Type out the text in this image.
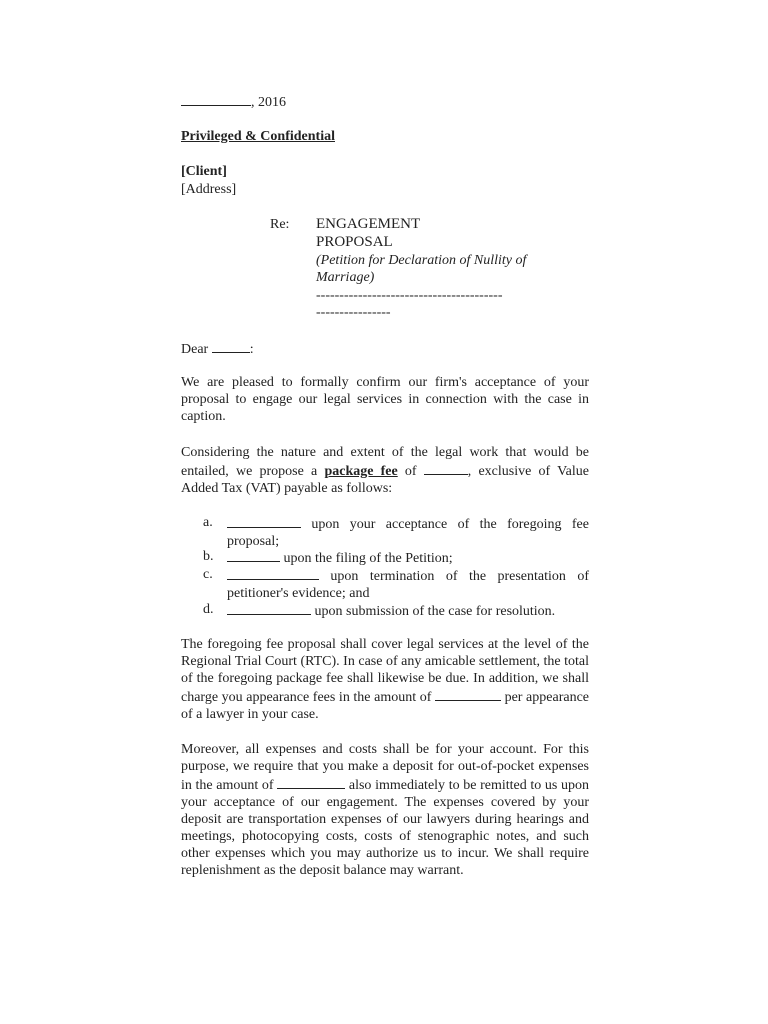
, 2016
Privileged & Confidential
[Client]
[Address]
Re: ENGAGEMENT
PROPOSAL
(Petition for Declaration of Nullity of
Marriage)
----------------------------------------
----------------
Dear	:
We are pleased to formally confirm our firm's acceptance of your proposal to engage our legal services in connection with the case in caption.
Considering the nature and extent of the legal work that would be entailed, we propose a package fee of	, exclusive of Value Added Tax (VAT) payable as follows:
a.	upon your acceptance of the foregoing fee proposal;
b.	upon the filing of the Petition;
c.	upon termination of the presentation of petitioner's evidence; and
d.	upon submission of the case for resolution.
The foregoing fee proposal shall cover legal services at the level of the Regional Trial Court (RTC). In case of any amicable settlement, the total of the foregoing package fee shall likewise be due. In addition, we shall charge you appearance fees in the amount of	per appearance of a lawyer in your case.
Moreover, all expenses and costs shall be for your account. For this purpose, we require that you make a deposit for out-of-pocket expenses in the amount of	also immediately to be remitted to us upon your acceptance of our engagement. The expenses covered by your deposit are transportation expenses of our lawyers during hearings and meetings, photocopying costs, costs of stenographic notes, and such other expenses which you may authorize us to incur. We shall require replenishment as the deposit balance may warrant.
